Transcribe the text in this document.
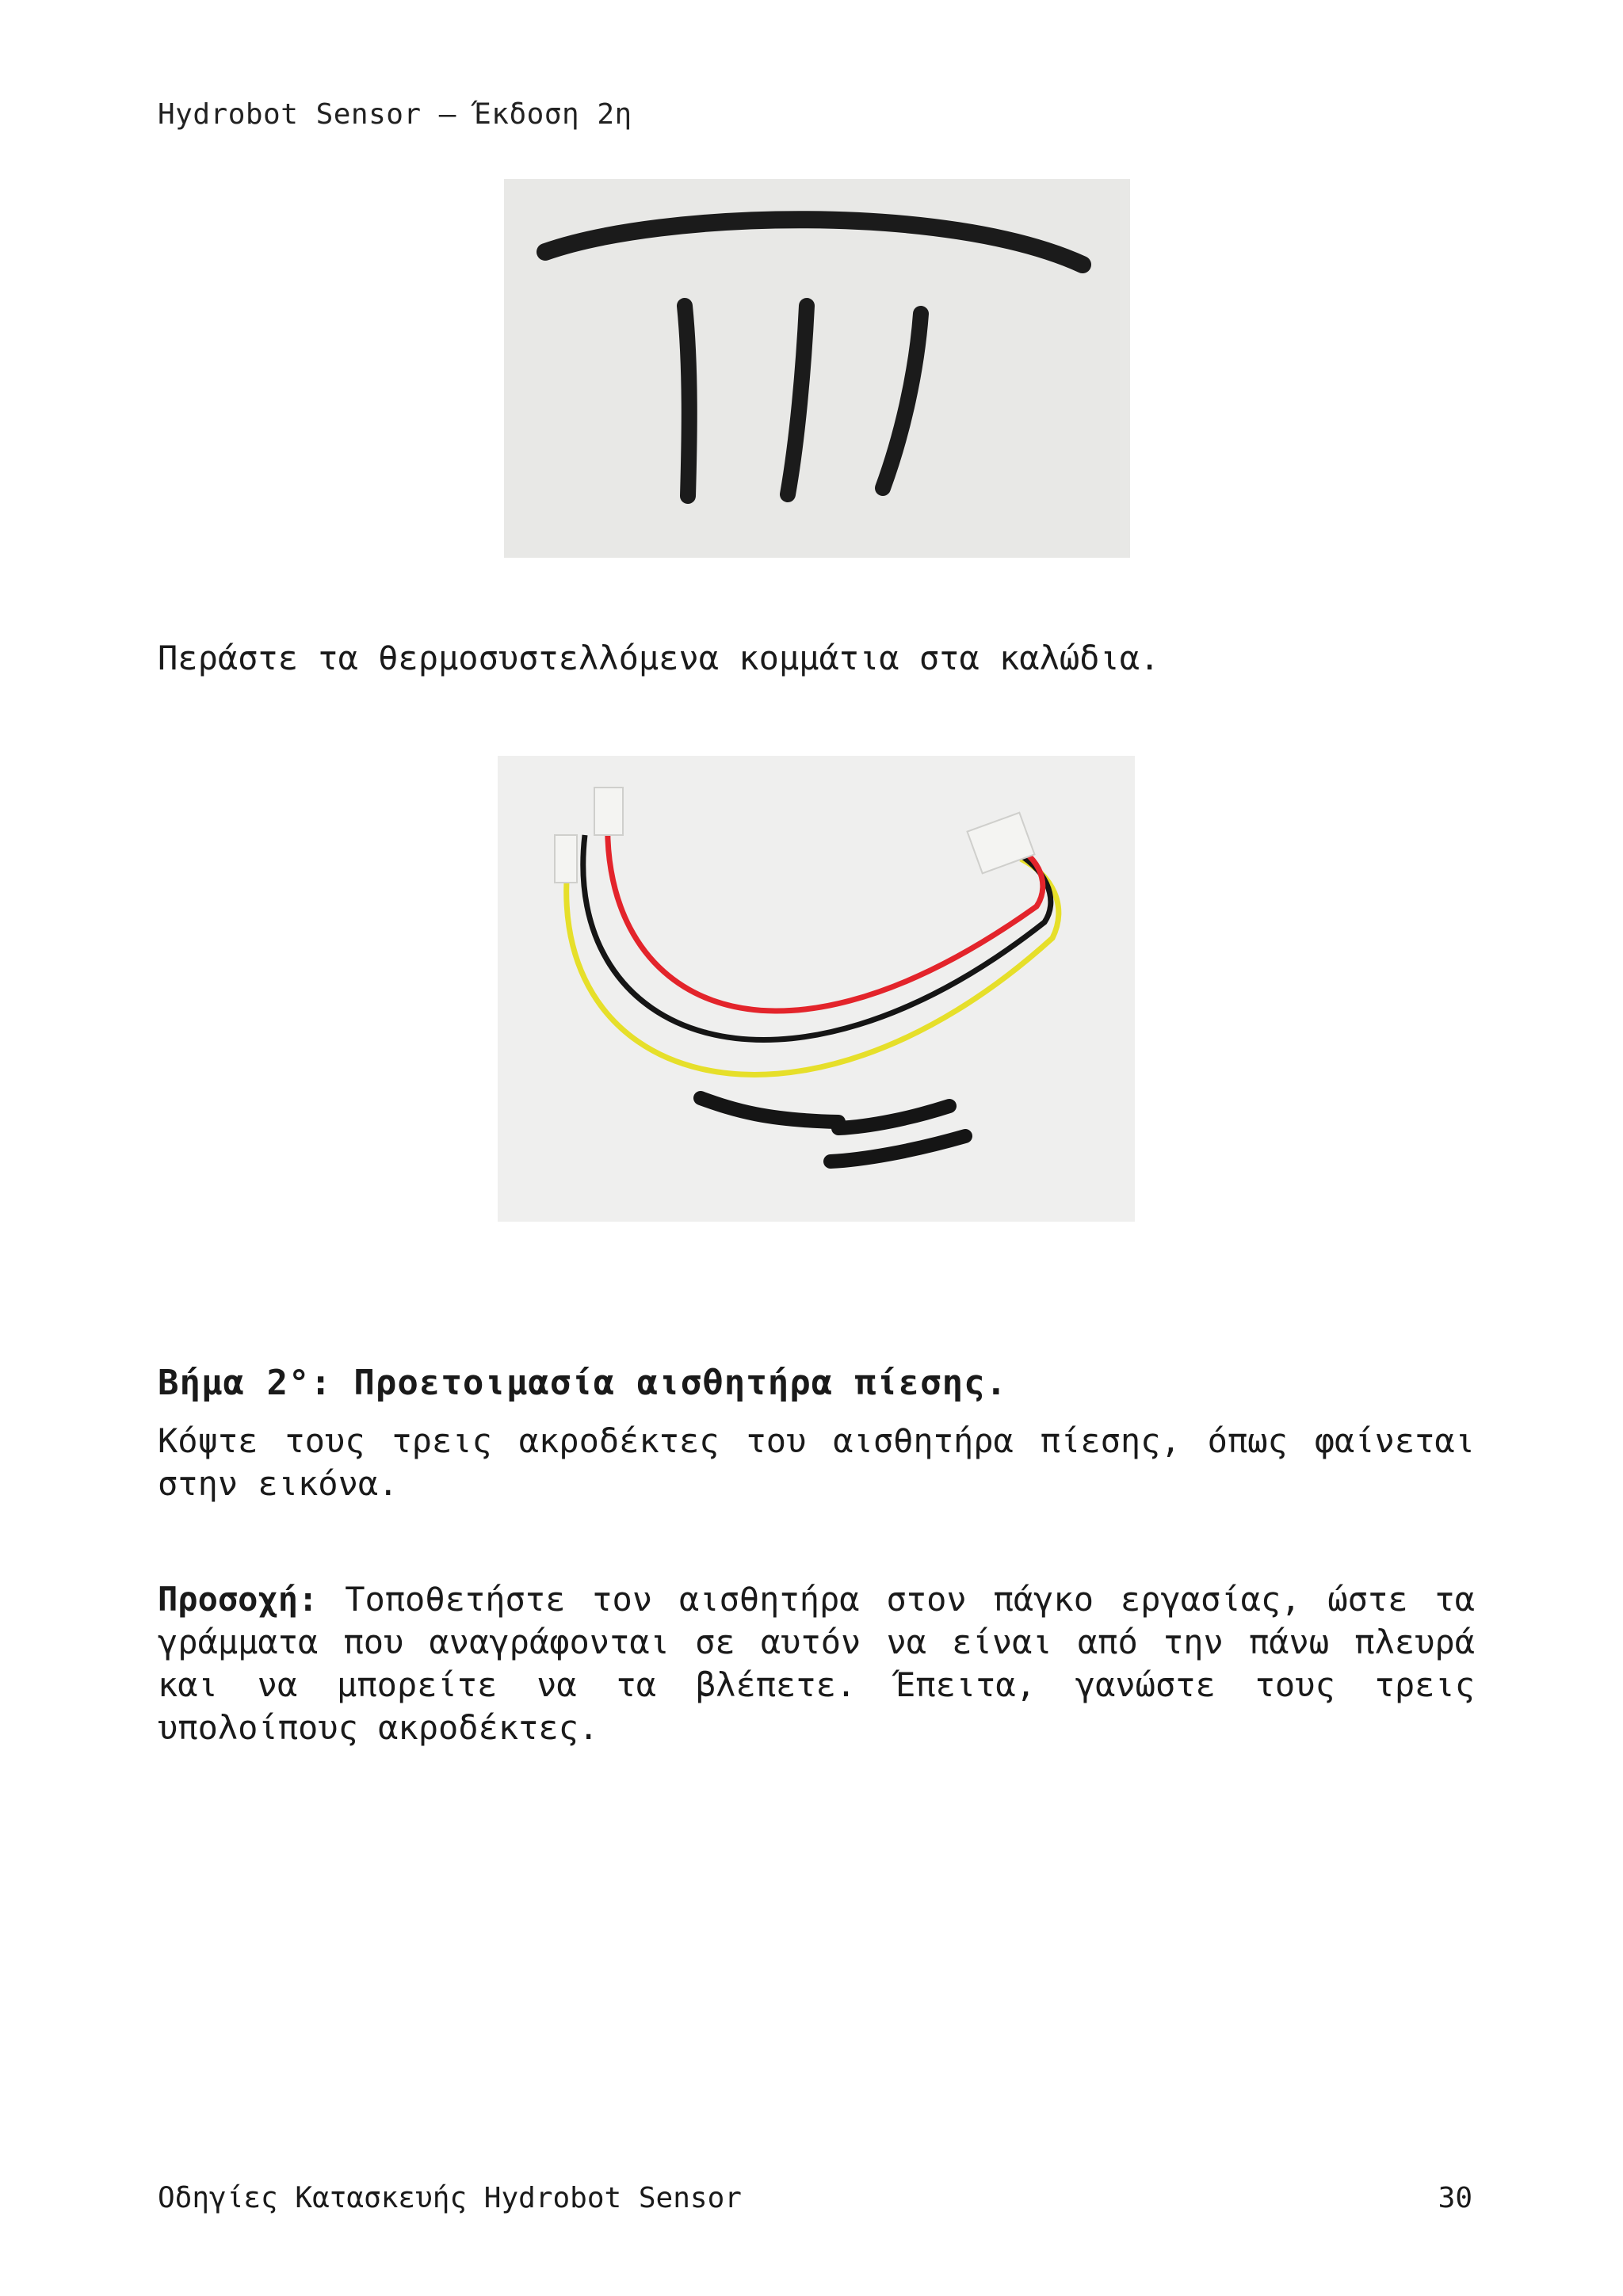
Hydrobot Sensor – Έκδοση 2η
Περάστε τα θερμοσυστελλόμενα κομμάτια στα καλώδια.
Βήμα 2°: Προετοιμασία αισθητήρα πίεσης.
Κόψτε τους τρεις ακροδέκτες του αισθητήρα πίεσης, όπως φαίνεται στην εικόνα.
Προσοχή: Τοποθετήστε τον αισθητήρα στον πάγκο εργασίας, ώστε τα γράμματα που αναγράφονται σε αυτόν να είναι από την πάνω πλευρά και να μπορείτε να τα βλέπετε. Έπειτα, γανώστε τους τρεις υπολοίπους ακροδέκτες.
Οδηγίες Κατασκευής Hydrobot Sensor	30
